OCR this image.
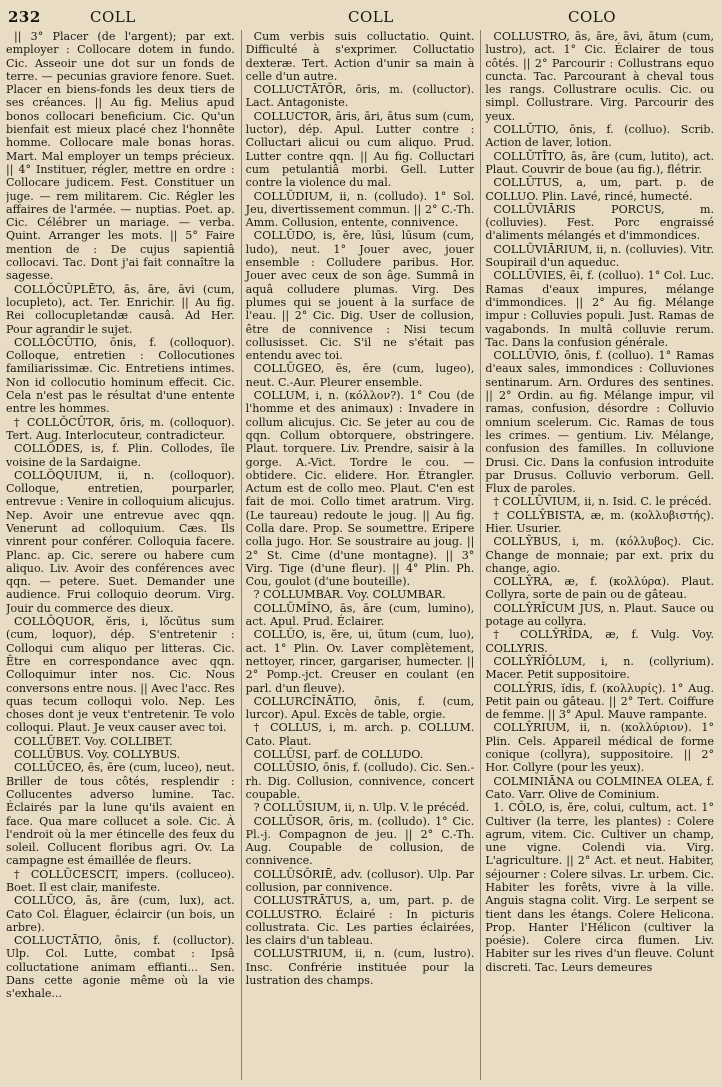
232	COLL	COLL	COLO

|| 3° Placer (de l'argent); par ext. employer : Collocare dotem in fundo. Cic. Asseoir une dot sur un fonds de terre. — pecunias graviore fenore. Suet. Placer en biens-fonds les deux tiers de ses créances. || Au fig. Melius apud bonos collocari beneficium. Cic. Qu'un bienfait est mieux placé chez l'honnête homme. Collocare male bonas horas. Mart. Mal employer un temps précieux. || 4° Instituer, régler, mettre en ordre : Collocare judicem. Fest. Constituer un juge. — rem militarem. Cic. Régler les affaires de l'armée. — nuptias. Poet. ap. Cic. Célébrer un mariage. — verba. Quint. Arranger les mots. || 5° Faire mention de : De cujus sapientiâ collocavi. Tac. Dont j'ai fait connaître la sagesse.

COLLŎCŬPLĒTO, ās, āre, āvi (cum, locupleto), act. Ter. Enrichir. || Au fig. Rei collocupletandæ causâ. Ad Her. Pour agrandir le sujet.

COLLŎCŪTIO, ōnis, f. (colloquor). Colloque, entretien : Collocutiones familiarissimæ. Cic. Entretiens intimes. Non id collocutio hominum effecit. Cic. Cela n'est pas le résultat d'une entente entre les hommes.

† COLLŎCŪTOR, ōris, m. (colloquor). Tert. Aug. Interlocuteur, contradicteur.

COLLŌDES, is, f. Plin. Collodes, île voisine de la Sardaigne.

COLLŎQUIUM, ii, n. (colloquor). Colloque, entretien, pourparler, entrevue : Venire in colloquium alicujus. Nep. Avoir une entrevue avec qqn. Venerunt ad colloquium. Cæs. Ils vinrent pour conférer. Colloquia facere. Planc. ap. Cic. serere ou habere cum aliquo. Liv. Avoir des conférences avec qqn. — petere. Suet. Demander une audience. Frui colloquio deorum. Virg. Jouir du commerce des dieux.

COLLŎQUOR, ĕris, i, lŏcūtus sum (cum, loquor), dép. S'entretenir : Colloqui cum aliquo per litteras. Cic. Être en correspondance avec qqn. Colloquimur inter nos. Cic. Nous conversons entre nous. || Avec l'acc. Res quas tecum colloqui volo. Nep. Les choses dont je veux t'entretenir. Te volo colloqui. Plaut. Je veux causer avec toi.

COLLŪBET. Voy. COLLIBET.

COLLŪBUS. Voy. COLLYBUS.

COLLŪCEO, ēs, ēre (cum, luceo), neut. Briller de tous côtés, resplendir : Collucentes adverso lumine. Tac. Éclairés par la lune qu'ils avaient en face. Qua mare collucet a sole. Cic. À l'endroit où la mer étincelle des feux du soleil. Collucent floribus agri. Ov. La campagne est émaillée de fleurs.

† COLLŪCESCIT, impers. (colluceo). Boet. Il est clair, manifeste.

COLLŪCO, ās, āre (cum, lux), act. Cato Col. Élaguer, éclaircir (un bois, un arbre).

COLLUCTĀTIO, ōnis, f. (colluctor). Ulp. Col. Lutte, combat : Ipsâ colluctatione animam effianti... Sen. Dans cette agonie même où la vie s'exhale...

Cum verbis suis colluctatio. Quint. Difficulté à s'exprimer. Colluctatio dexteræ. Tert. Action d'unir sa main à celle d'un autre.

COLLUCTĀTŎR, ōris, m. (colluctor). Lact. Antagoniste.

COLLUCTOR, āris, āri, ātus sum (cum, luctor), dép. Apul. Lutter contre : Colluctari alicui ou cum aliquo. Prud. Lutter contre qqn. || Au fig. Colluctari cum petulantiâ morbi. Gell. Lutter contre la violence du mal.

COLLŪDIUM, ii, n. (colludo). 1° Sol. Jeu, divertissement commun. || 2° C.-Th. Amm. Collusion, entente, connivence.

COLLŪDO, is, ĕre, lūsi, lūsum (cum, ludo), neut. 1° Jouer avec, jouer ensemble : Colludere paribus. Hor. Jouer avec ceux de son âge. Summâ in aquâ colludere plumas. Virg. Des plumes qui se jouent à la surface de l'eau. || 2° Cic. Dig. User de collusion, être de connivence : Nisi tecum collusisset. Cic. S'il ne s'était pas entendu avec toi.

COLLŪGEO, ēs, ēre (cum, lugeo), neut. C.-Aur. Pleurer ensemble.

COLLUM, i, n. (κόλλον?). 1° Cou (de l'homme et des animaux) : Invadere in collum alicujus. Cic. Se jeter au cou de qqn. Collum obtorquere, obstringere. Plaut. torquere. Liv. Prendre, saisir à la gorge. A.-Vict. Tordre le cou. — obtidere. Cic. elidere. Hor. Étrangler. Actum est de collo meo. Plaut. C'en est fait de moi. Collo timet aratrum. Virg. (Le taureau) redoute le joug. || Au fig. Colla dare. Prop. Se soumettre. Eripere colla jugo. Hor. Se soustraire au joug. || 2° St. Cime (d'une montagne). || 3° Virg. Tige (d'une fleur). || 4° Plin. Ph. Cou, goulot (d'une bouteille).

? COLLUMBAR. Voy. COLUMBAR.

COLLŪMĬNO, ās, āre (cum, lumino), act. Apul. Prud. Éclairer.

COLLŬO, is, ĕre, ui, ūtum (cum, luo), act. 1° Plin. Ov. Laver complètement, nettoyer, rincer, gargariser, humecter. || 2° Pomp.-jct. Creuser en coulant (en parl. d'un fleuve).

COLLURCĬNĀTIO, ōnis, f. (cum, lurcor). Apul. Excès de table, orgie.

† COLLUS, i, m. arch. p. COLLUM. Cato. Plaut.

COLLŪSI, parf. de COLLUDO.

COLLŪSIO, ōnis, f. (colludo). Cic. Sen.-rh. Dig. Collusion, connivence, concert coupable.

? COLLŪSIUM, ii, n. Ulp. V. le précéd.

COLLŪSOR, ōris, m. (colludo). 1° Cic. Pl.-j. Compagnon de jeu. || 2° C.-Th. Aug. Coupable de collusion, de connivence.

COLLŪSŌRIĒ, adv. (collusor). Ulp. Par collusion, par connivence.

COLLUSTRĀTUS, a, um, part. p. de COLLUSTRO. Éclairé : In picturis collustrata. Cic. Les parties éclairées, les clairs d'un tableau.

COLLUSTRIUM, ii, n. (cum, lustro). Insc. Confrérie instituée pour la lustration des champs.

COLLUSTRO, ās, āre, āvi, ātum (cum, lustro), act. 1° Cic. Éclairer de tous côtés. || 2° Parcourir : Collustrans equo cuncta. Tac. Parcourant à cheval tous les rangs. Collustrare oculis. Cic. ou simpl. Collustrare. Virg. Parcourir des yeux.

COLLŪTIO, ōnis, f. (colluo). Scrib. Action de laver, lotion.

COLLŪTĪTO, ās, āre (cum, lutito), act. Plaut. Couvrir de boue (au fig.), flétrir.

COLLŪTUS, a, um, part. p. de COLLUO. Plin. Lavé, rincé, humecté.

COLLŪVIĀRIS PORCUS, m. (colluvies). Fest. Porc engraissé d'aliments mélangés et d'immondices.

COLLŪVIĀRIUM, ii, n. (colluvies). Vitr. Soupirail d'un aqueduc.

COLLŪVIES, ēi, f. (colluo). 1° Col. Luc. Ramas d'eaux impures, mélange d'immondices. || 2° Au fig. Mélange impur : Colluvies populi. Just. Ramas de vagabonds. In multâ colluvie rerum. Tac. Dans la confusion générale.

COLLŪVIO, ōnis, f. (colluo). 1° Ramas d'eaux sales, immondices : Colluviones sentinarum. Arn. Ordures des sentines. || 2° Ordin. au fig. Mélange impur, vil ramas, confusion, désordre : Colluvio omnium scelerum. Cic. Ramas de tous les crimes. — gentium. Liv. Mélange, confusion des familles. In colluvione Drusi. Cic. Dans la confusion introduite par Drusus. Colluvio verborum. Gell. Flux de paroles.

† COLLŪVIUM, ii, n. Isid. C. le précéd.

† COLLŶBISTA, æ, m. (κολλυβιστής). Hier. Usurier.

COLLŶBUS, i, m. (κόλλυβος). Cic. Change de monnaie; par ext. prix du change, agio.

COLLŶRA, æ, f. (κολλύρα). Plaut. Collyra, sorte de pain ou de gâteau.

COLLŶRĬCUM JUS, n. Plaut. Sauce ou potage au collyra.

† COLLŶRĬDA, æ, f. Vulg. Voy. COLLYRIS.

COLLŶRĬŎLUM, i, n. (collyrium). Macer. Petit suppositoire.

COLLŶRIS, ĭdis, f. (κολλυρίς). 1° Aug. Petit pain ou gâteau. || 2° Tert. Coiffure de femme. || 3° Apul. Mauve rampante.

COLLŶRIUM, ii, n. (κολλύριον). 1° Plin. Cels. Appareil médical de forme conique (collyra), suppositoire. || 2° Hor. Collyre (pour les yeux).

COLMINIĀNA ou COLMINEA OLEA, f. Cato. Varr. Olive de Cominium.

1. CŎLO, is, ĕre, colui, cultum, act. 1° Cultiver (la terre, les plantes) : Colere agrum, vitem. Cic. Cultiver un champ, une vigne. Colendi via. Virg. L'agriculture. || 2° Act. et neut. Habiter, séjourner : Colere silvas. Lr. urbem. Cic. Habiter les forêts, vivre à la ville. Anguis stagna colit. Virg. Le serpent se tient dans les étangs. Colere Helicona. Prop. Hanter l'Hélicon (cultiver la poésie). Colere circa flumen. Liv. Habiter sur les rives d'un fleuve. Colunt discreti. Tac. Leurs demeures
